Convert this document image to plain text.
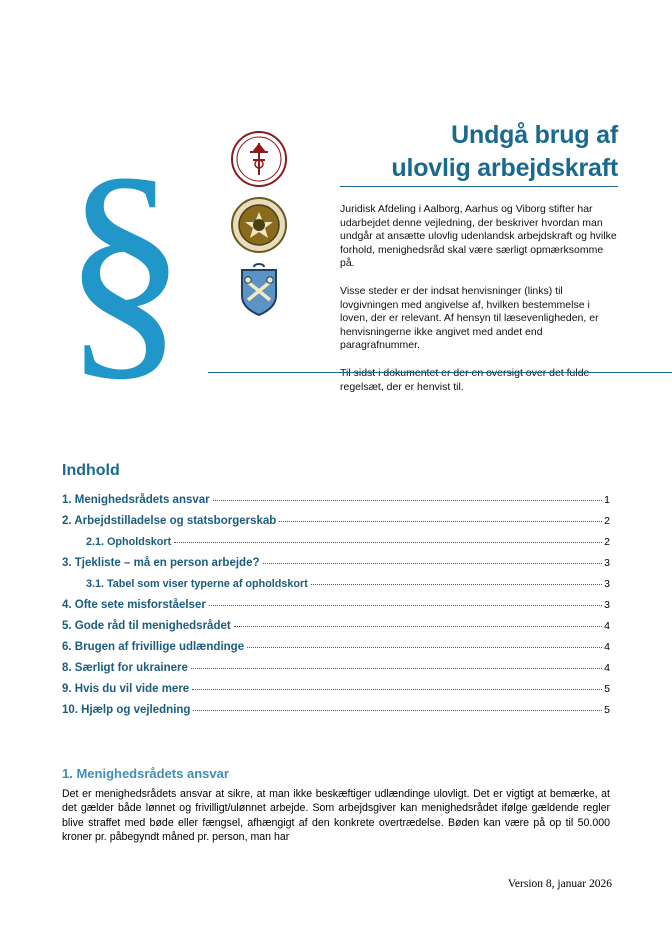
§	Undgå brug af
ulovlig arbejdskraft

Juridisk Afdeling i Aalborg, Aarhus og Viborg stifter har udarbejdet denne vejledning, der beskriver hvordan man undgår at ansætte ulovlig udenlandsk arbejdskraft og hvilke forhold, menighedsråd skal være særligt opmærksomme på.

Visse steder er der indsat henvisninger (links) til lovgivningen med angivelse af, hvilken bestemmelse i loven, der er relevant. Af hensyn til læsevenligheden, er henvisningerne ikke angivet med andet end paragrafnummer.

Til sidst i dokumentet er der en oversigt over det fulde regelsæt, der er henvist til.

Indhold
1. Menighedsrådets ansvar	1
2. Arbejdstilladelse og statsborgerskab	2
2.1. Opholdskort	2
3. Tjekliste – må en person arbejde?	3
3.1. Tabel som viser typerne af opholdskort	3
4. Ofte sete misforståelser	3
5. Gode råd til menighedsrådet	4
6. Brugen af frivillige udlændinge	4
8. Særligt for ukrainere	4
9. Hvis du vil vide mere	5
10. Hjælp og vejledning	5
1. Menighedsrådets ansvar

Det er menighedsrådets ansvar at sikre, at man ikke beskæftiger udlændinge ulovligt. Det er vigtigt at bemærke, at det gælder både lønnet og frivilligt/ulønnet arbejde. Som arbejdsgiver kan menighedsrådet ifølge gældende regler blive straffet med bøde eller fængsel, afhængigt af den konkrete overtrædelse. Bøden kan være på op til 50.000 kroner pr. påbegyndt måned pr. person, man har

Version 8, januar 2026
